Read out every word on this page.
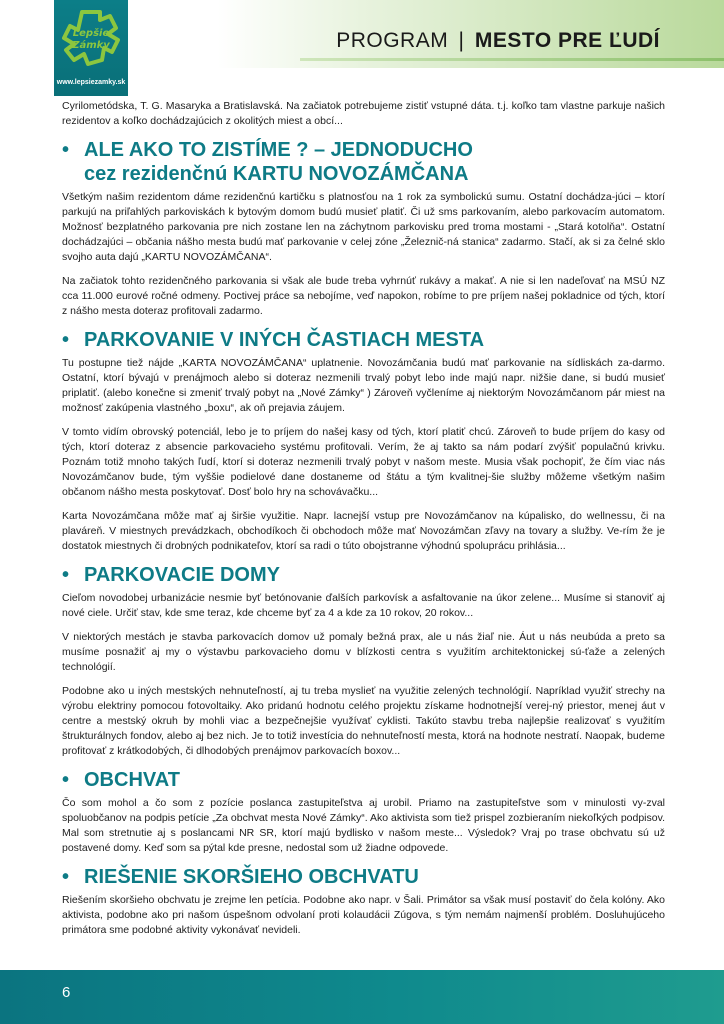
Lepšie
Zámky
www.lepsiezamky.sk
PROGRAM | MESTO PRE ĽUDÍ

Cyrilometódska, T. G. Masaryka a Bratislavská. Na začiatok potrebujeme zistiť vstupné dáta. t.j. koľko tam vlastne parkuje našich rezidentov a koľko dochádzajúcich z okolitých miest a obcí...

• ALE AKO TO ZISTÍME ? – JEDNODUCHO
cez rezidenčnú KARTU NOVOZÁMČANA

Všetkým našim rezidentom dáme rezidenčnú kartičku s platnosťou na 1 rok za symbolickú sumu. Ostatní dochádza-júci – ktorí parkujú na priľahlých parkoviskách k bytovým domom budú musieť platiť. Či už sms parkovaním, alebo parkovacím automatom. Možnosť bezplatného parkovania pre nich zostane len na záchytnom parkovisku pred troma mostami - „Stará kotolňa“. Ostatní dochádzajúci – občania nášho mesta budú mať parkovanie v celej zóne „Železnič-ná stanica“ zadarmo. Stačí, ak si za čelné sklo svojho auta dajú „KARTU NOVOZÁMČANA“.

Na začiatok tohto rezidenčného parkovania si však ale bude treba vyhrnúť rukávy a makať. A nie si len nadeľovať na MSÚ NZ cca 11.000 eurové ročné odmeny. Poctivej práce sa nebojíme, veď napokon, robíme to pre príjem našej pokladnice od tých, ktorí z nášho mesta doteraz profitovali zadarmo.

• PARKOVANIE V INÝCH ČASTIACH MESTA

Tu postupne tiež nájde „KARTA NOVOZÁMČANA“ uplatnenie. Novozámčania budú mať parkovanie na sídliskách za-darmo. Ostatní, ktorí bývajú v prenájmoch alebo si doteraz nezmenili trvalý pobyt lebo inde majú napr. nižšie dane, si budú musieť priplatiť. (alebo konečne si zmeniť trvalý pobyt na „Nové Zámky“ ) Zároveň vyčleníme aj niektorým Novozámčanom pár miest na možnosť zakúpenia vlastného „boxu“, ak oň prejavia záujem.

V tomto vidím obrovský potenciál, lebo je to príjem do našej kasy od tých, ktorí platiť chcú. Zároveň to bude príjem do kasy od tých, ktorí doteraz z absencie parkovacieho systému profitovali. Verím, že aj takto sa nám podarí zvýšiť populačnú krivku. Poznám totiž mnoho takých ľudí, ktorí si doteraz nezmenili trvalý pobyt v našom meste. Musia však pochopiť, že čím viac nás Novozámčanov bude, tým vyššie podielové dane dostaneme od štátu a tým kvalitnej-šie služby môžeme všetkým našim občanom nášho mesta poskytovať. Dosť bolo hry na schovávačku...

Karta Novozámčana môže mať aj širšie využitie. Napr. lacnejší vstup pre Novozámčanov na kúpalisko, do wellnessu, či na plaváreň. V miestnych prevádzkach, obchodíkoch či obchodoch môže mať Novozámčan zľavy na tovary a služby. Ve-rím že je dostatok miestnych či drobných podnikateľov, ktorí sa radi o túto obojstranne výhodnú spoluprácu prihlásia...

• PARKOVACIE DOMY

Cieľom novodobej urbanizácie nesmie byť betónovanie ďalších parkovísk a asfaltovanie na úkor zelene... Musíme si stanoviť aj nové ciele. Určiť stav, kde sme teraz, kde chceme byť za 4 a kde za 10 rokov, 20 rokov...

V niektorých mestách je stavba parkovacích domov už pomaly bežná prax, ale u nás žiaľ nie. Áut u nás neubúda a preto sa musíme posnažiť aj my o výstavbu parkovacieho domu v blízkosti centra s využitím architektonickej sú-ťaže a zelených technológií.

Podobne ako u iných mestských nehnuteľností, aj tu treba myslieť na využitie zelených technológií. Napríklad využiť strechy na výrobu elektriny pomocou fotovoltaiky. Ako pridanú hodnotu celého projektu získame hodnotnejší verej-ný priestor, menej áut v centre a mestský okruh by mohli viac a bezpečnejšie využívať cyklisti. Takúto stavbu treba najlepšie realizovať s využitím štrukturálnych fondov, alebo aj bez nich. Je to totiž investícia do nehnuteľností mesta, ktorá na hodnote nestratí. Naopak, budeme profitovať z krátkodobých, či dlhodobých prenájmov parkovacích boxov...

• OBCHVAT

Čo som mohol a čo som z pozície poslanca zastupiteľstva aj urobil. Priamo na zastupiteľstve som v minulosti vy-zval spoluobčanov na podpis petície „Za obchvat mesta Nové Zámky“. Ako aktivista som tiež prispel zozbieraním niekoľkých podpisov. Mal som stretnutie aj s poslancami NR SR, ktorí majú bydlisko v našom meste... Výsledok? Vraj po trase obchvatu sú už postavené domy. Keď som sa pýtal kde presne, nedostal som už žiadne odpovede.

• RIEŠENIE SKORŠIEHO OBCHVATU

Riešením skoršieho obchvatu je zrejme len petícia. Podobne ako napr. v Šali. Primátor sa však musí postaviť do čela kolóny. Ako aktivista, podobne ako pri našom úspešnom odvolaní proti kolaudácii Zúgova, s tým nemám najmenší problém. Dosluhujúceho primátora sme podobné aktivity vykonávať nevideli.

6
